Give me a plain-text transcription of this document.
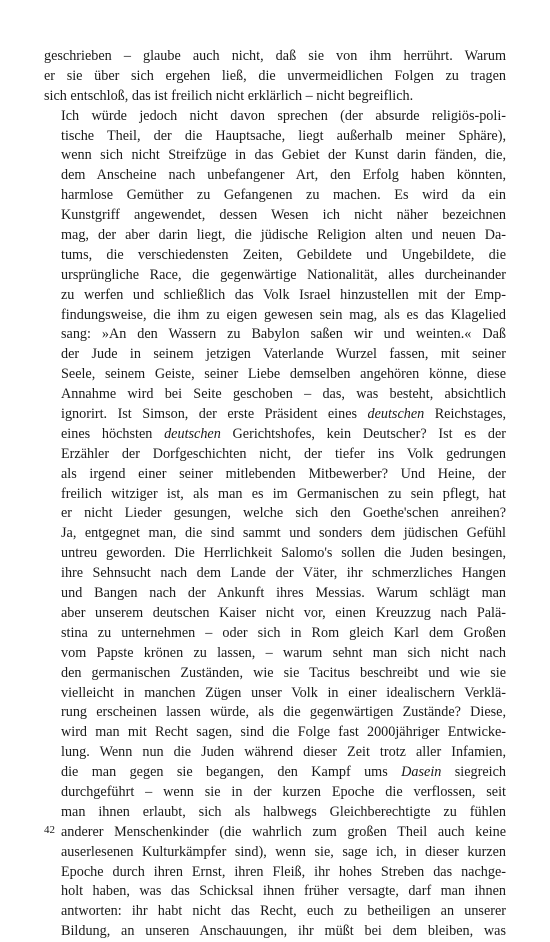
geschrieben – glaube auch nicht, daß sie von ihm herrührt. Warum
er sie über sich ergehen ließ, die unvermeidlichen Folgen zu tragen
sich entschloß, das ist freilich nicht erklärlich – nicht begreiflich.
Ich würde jedoch nicht davon sprechen (der absurde religiös-poli-
tische Theil, der die Hauptsache, liegt außerhalb meiner Sphäre),
wenn sich nicht Streifzüge in das Gebiet der Kunst darin fänden, die,
dem Anscheine nach unbefangener Art, den Erfolg haben könnten,
harmlose Gemüther zu Gefangenen zu machen. Es wird da ein
Kunstgriff angewendet, dessen Wesen ich nicht näher bezeichnen
mag, der aber darin liegt, die jüdische Religion alten und neuen Da-
tums, die verschiedensten Zeiten, Gebildete und Ungebildete, die
ursprüngliche Race, die gegenwärtige Nationalität, alles durcheinander
zu werfen und schließlich das Volk Israel hinzustellen mit der Emp-
findungsweise, die ihm zu eigen gewesen sein mag, als es das Klagelied
sang: »An den Wassern zu Babylon saßen wir und weinten.« Daß
der Jude in seinem jetzigen Vaterlande Wurzel fassen, mit seiner
Seele, seinem Geiste, seiner Liebe demselben angehören könne, diese
Annahme wird bei Seite geschoben – das, was besteht, absichtlich
ignorirt. Ist Simson, der erste Präsident eines deutschen Reichstages,
eines höchsten deutschen Gerichtshofes, kein Deutscher? Ist es der
Erzähler der Dorfgeschichten nicht, der tiefer ins Volk gedrungen
als irgend einer seiner mitlebenden Mitbewerber? Und Heine, der
freilich witziger ist, als man es im Germanischen zu sein pflegt, hat
er nicht Lieder gesungen, welche sich den Goethe'schen anreihen?
Ja, entgegnet man, die sind sammt und sonders dem jüdischen Gefühl
untreu geworden. Die Herrlichkeit Salomo's sollen die Juden besingen,
ihre Sehnsucht nach dem Lande der Väter, ihr schmerzliches Hangen
und Bangen nach der Ankunft ihres Messias. Warum schlägt man
aber unserem deutschen Kaiser nicht vor, einen Kreuzzug nach Palä-
stina zu unternehmen – oder sich in Rom gleich Karl dem Großen
vom Papste krönen zu lassen, – warum sehnt man sich nicht nach
den germanischen Zuständen, wie sie Tacitus beschreibt und wie sie
vielleicht in manchen Zügen unser Volk in einer idealischern Verklä-
rung erscheinen lassen würde, als die gegenwärtigen Zustände? Diese,
wird man mit Recht sagen, sind die Folge fast 2000jähriger Entwicke-
lung. Wenn nun die Juden während dieser Zeit trotz aller Infamien,
die man gegen sie begangen, den Kampf ums Dasein siegreich
durchgeführt – wenn sie in der kurzen Epoche die verflossen, seit
man ihnen erlaubt, sich als halbwegs Gleichberechtigte zu fühlen
anderer Menschenkinder (die wahrlich zum großen Theil auch keine
auserlesenen Kulturkämpfer sind), wenn sie, sage ich, in dieser kurzen
Epoche durch ihren Ernst, ihren Fleiß, ihr hohes Streben das nachge-
holt haben, was das Schicksal ihnen früher versagte, darf man ihnen
antworten: ihr habt nicht das Recht, euch zu betheiligen an unserer
Bildung, an unseren Anschauungen, ihr müßt bei dem bleiben, was
42
